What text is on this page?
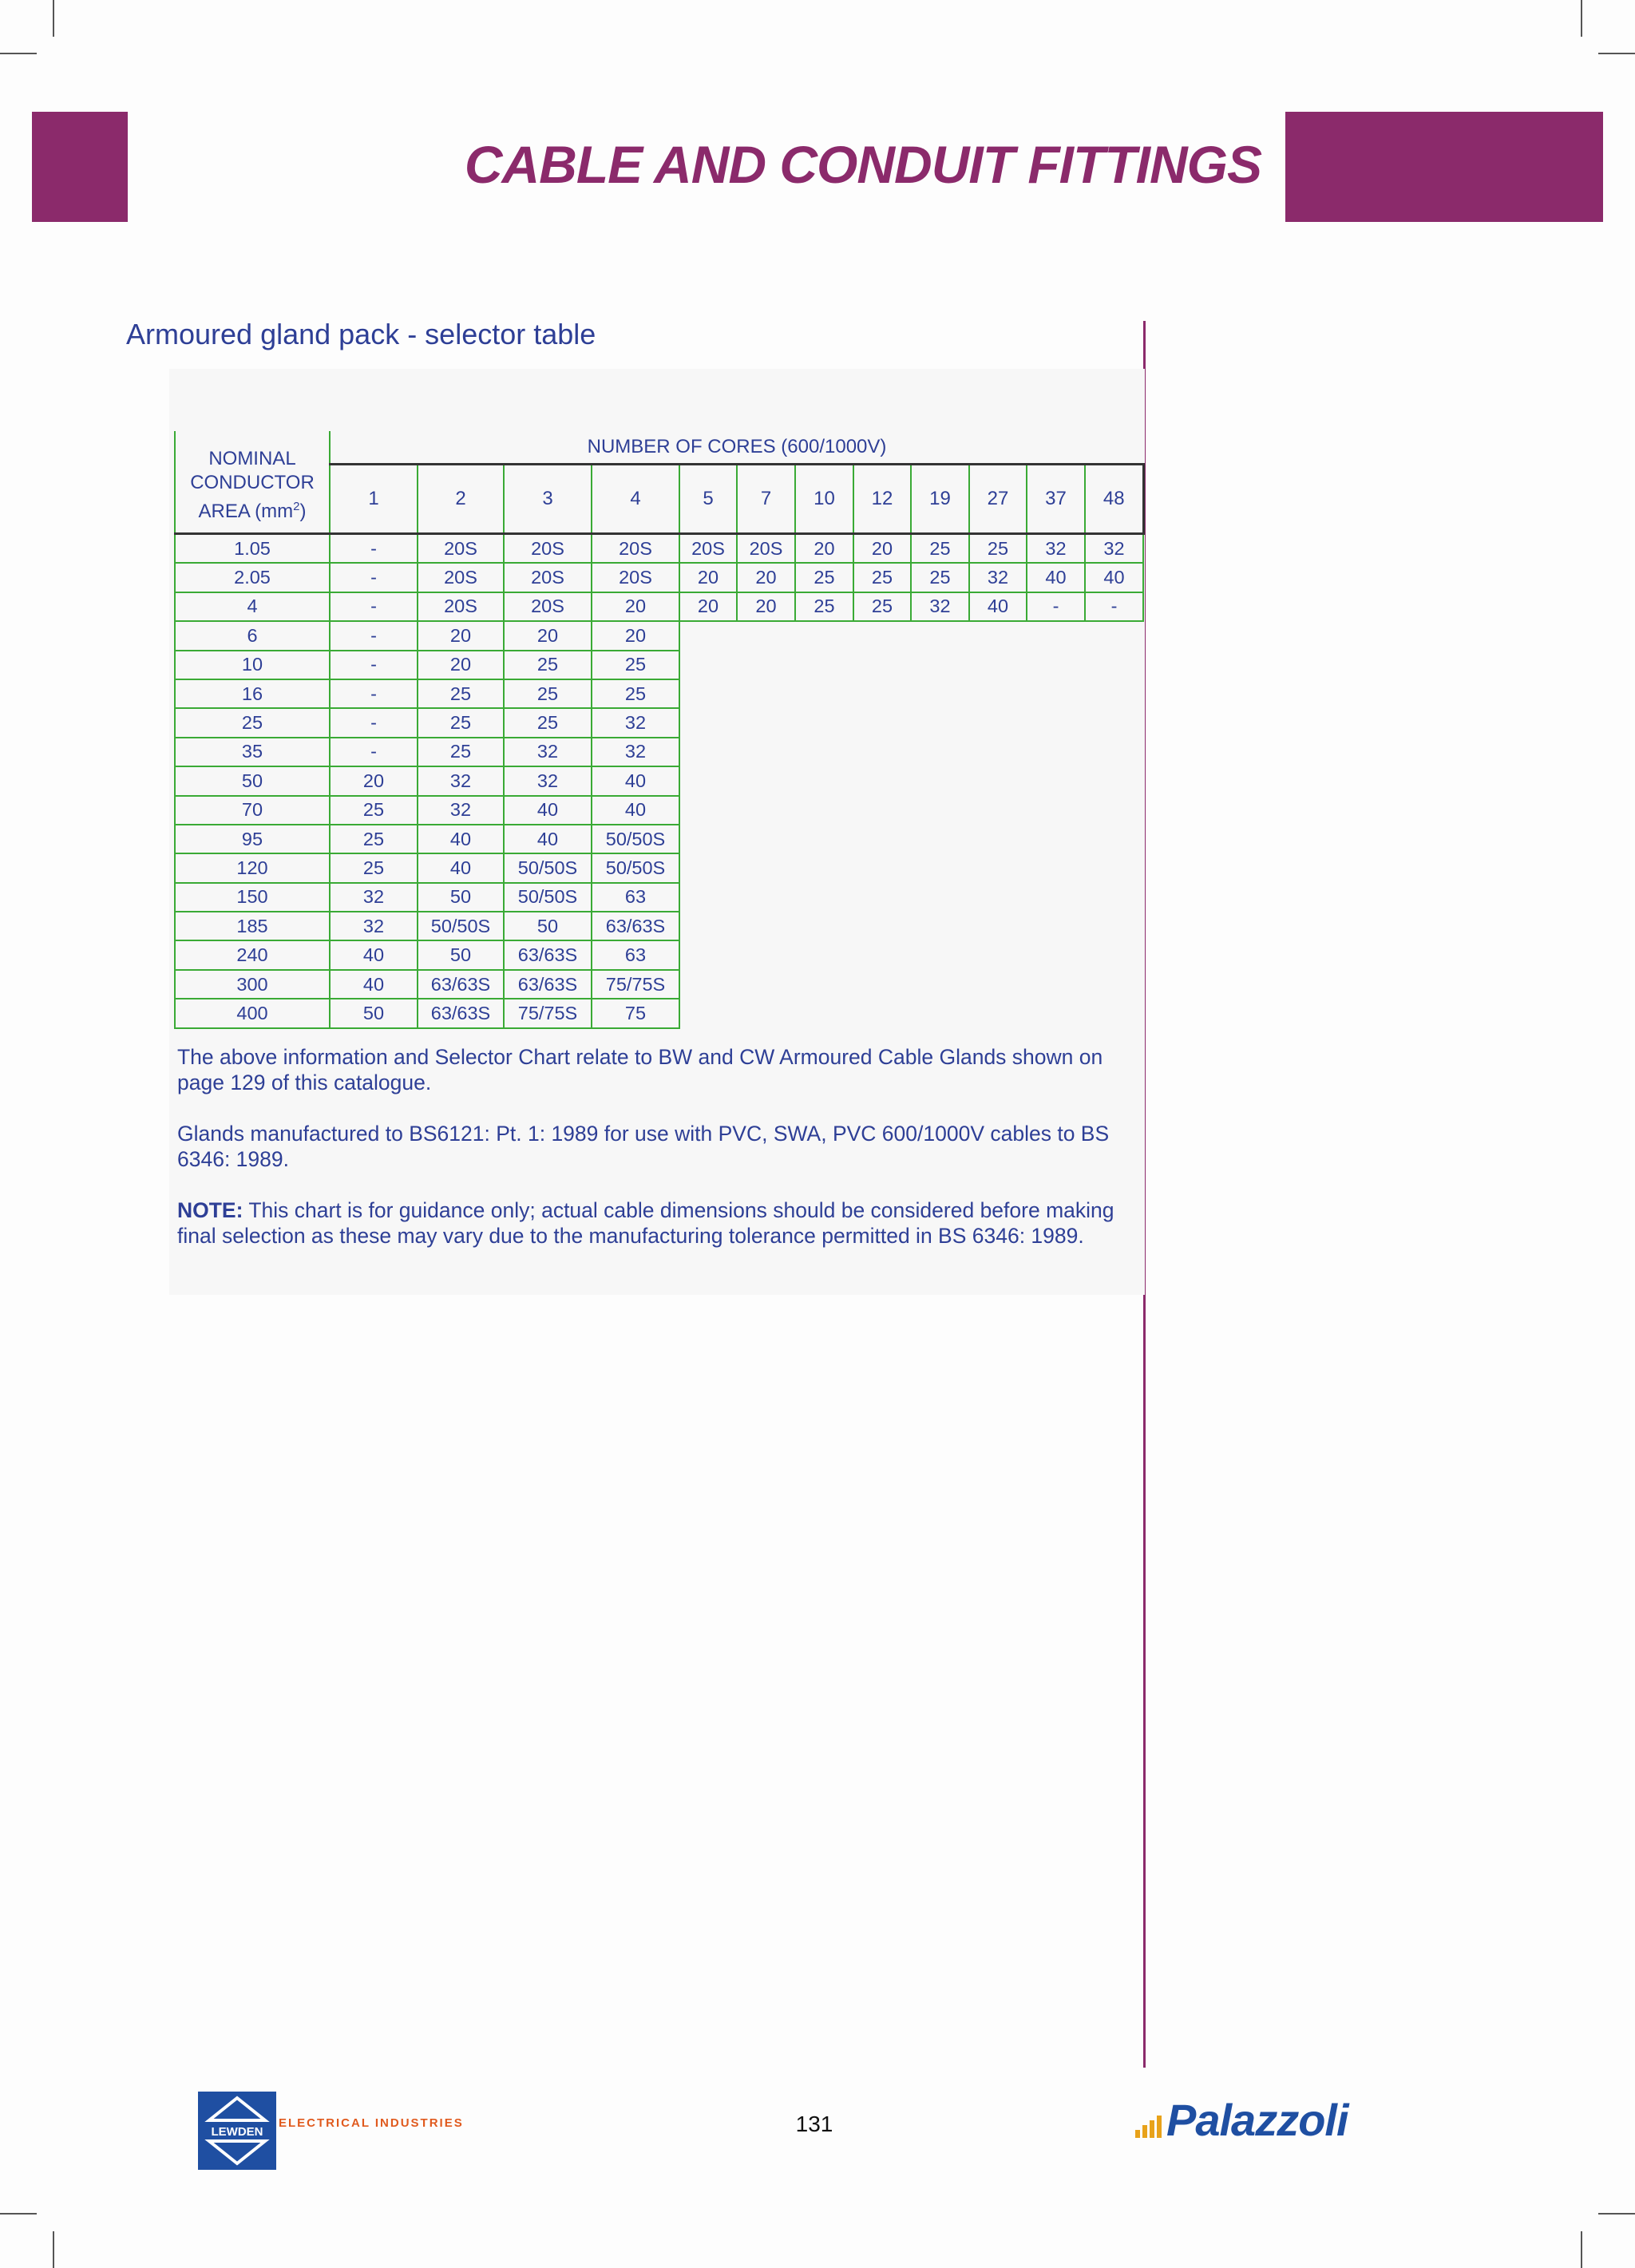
CABLE AND CONDUIT FITTINGS
Armoured gland pack - selector table
NOMINAL
CONDUCTOR
AREA $(mm^2)$	NUMBER OF CORES (600/1000V)											
	1	2	3	4	5	7	10	12	19	27	37	48
1.05	-	20S	20S	20S	20S	20S	20	20	25	25	32	32
2.05	-	20S	20S	20S	20	20	25	25	25	32	40	40
4	-	20S	20S	20	20	20	25	25	32	40	-	-
6	-	20	20	20								
10	-	20	25	25								
16	-	25	25	25								
25	-	25	25	32								
35	-	25	32	32								
50	20	32	32	40								
70	25	32	40	40								
95	25	40	40	50/50S								
120	25	40	50/50S	50/50S								
150	32	50	50/50S	63								
185	32	50/50S	50	63/63S								
240	40	50	63/63S	63								
300	40	63/63S	63/63S	75/75S								
400	50	63/63S	75/75S	75								

The above information and Selector Chart relate to BW and CW Armoured Cable Glands shown on page 129 of this catalogue.

Glands manufactured to BS6121: Pt. 1: 1989 for use with PVC, SWA, PVC 600/1000V cables to BS 6346: 1989.

NOTE: This chart is for guidance only; actual cable dimensions should be considered before making final selection as these may vary due to the manufacturing tolerance permitted in BS 6346: 1989.

LEWDEN
ELECTRICAL INDUSTRIES	131	Palazzoli
